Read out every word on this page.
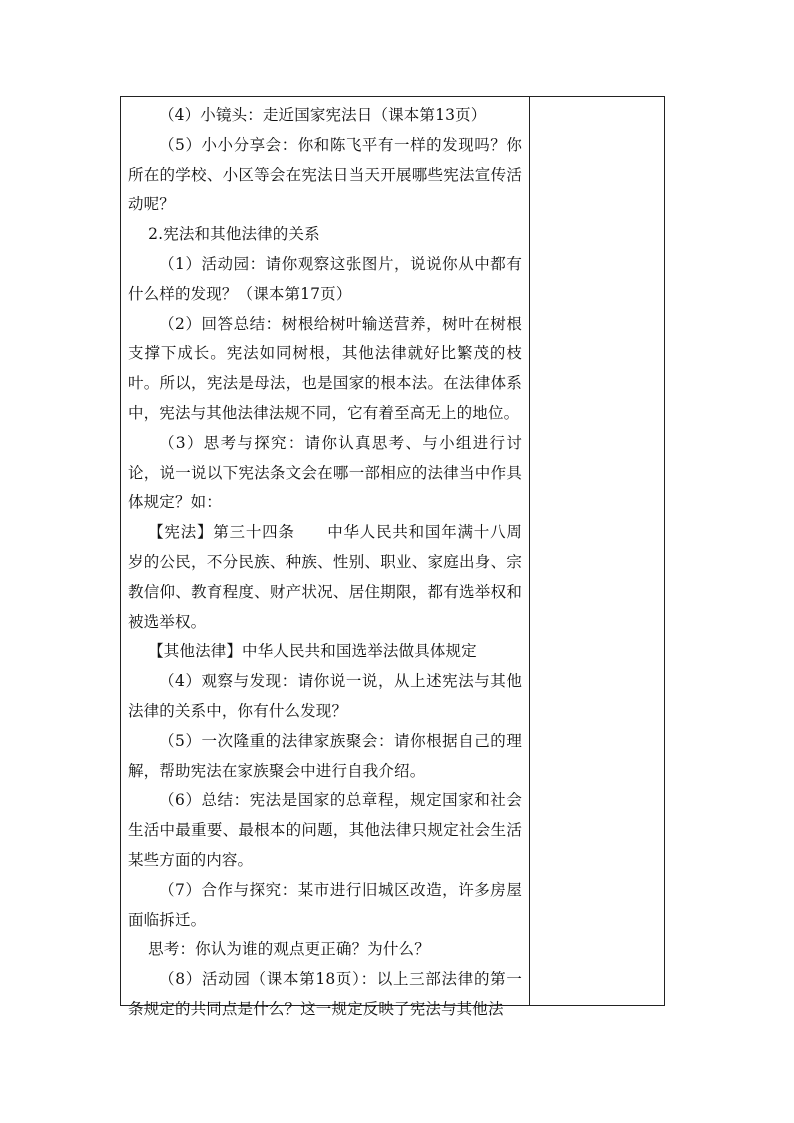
（4）小镜头：走近国家宪法日（课本第13页）

（5）小小分享会：你和陈飞平有一样的发现吗？你所在的学校、小区等会在宪法日当天开展哪些宪法宣传活动呢？

2.宪法和其他法律的关系

（1）活动园：请你观察这张图片，说说你从中都有什么样的发现？（课本第17页）

（2）回答总结：树根给树叶输送营养，树叶在树根支撑下成长。宪法如同树根，其他法律就好比繁茂的枝叶。所以，宪法是母法，也是国家的根本法。在法律体系中，宪法与其他法律法规不同，它有着至高无上的地位。

（3）思考与探究：请你认真思考、与小组进行讨论，说一说以下宪法条文会在哪一部相应的法律当中作具体规定？如：

【宪法】第三十四条　　中华人民共和国年满十八周岁的公民，不分民族、种族、性别、职业、家庭出身、宗教信仰、教育程度、财产状况、居住期限，都有选举权和被选举权。

【其他法律】中华人民共和国选举法做具体规定

（4）观察与发现：请你说一说，从上述宪法与其他法律的关系中，你有什么发现？

（5）一次隆重的法律家族聚会：请你根据自己的理解，帮助宪法在家族聚会中进行自我介绍。

（6）总结：宪法是国家的总章程，规定国家和社会生活中最重要、最根本的问题，其他法律只规定社会生活某些方面的内容。

（7）合作与探究：某市进行旧城区改造，许多房屋面临拆迁。

思考：你认为谁的观点更正确？为什么？

（8）活动园（课本第18页）：以上三部法律的第一条规定的共同点是什么？这一规定反映了宪法与其他法
